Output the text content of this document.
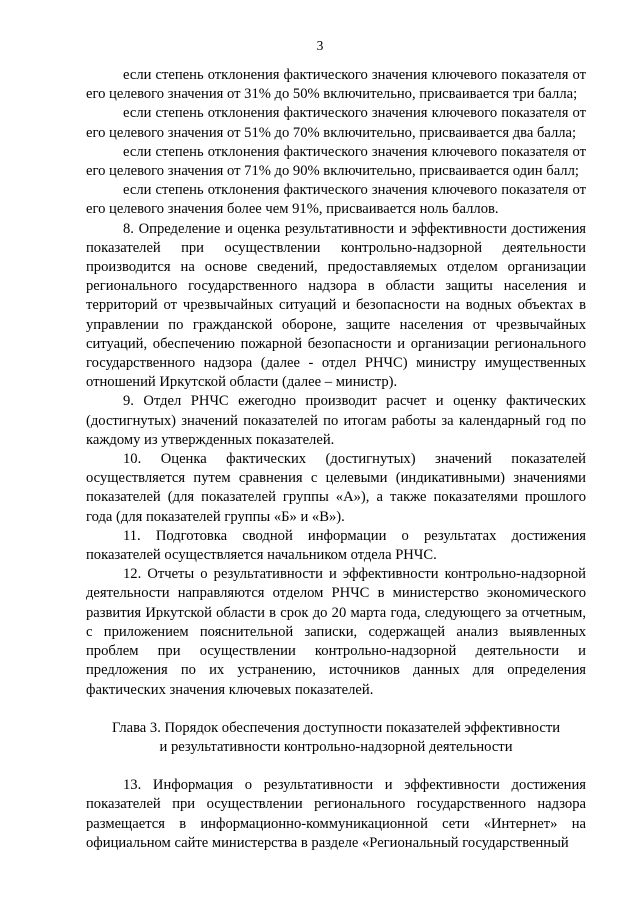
3

если степень отклонения фактического значения ключевого показателя от его целевого значения от 31% до 50% включительно, присваивается три балла;

если степень отклонения фактического значения ключевого показателя от его целевого значения от 51% до 70% включительно, присваивается два балла;

если степень отклонения фактического значения ключевого показателя от его целевого значения от 71% до 90% включительно, присваивается один балл;

если степень отклонения фактического значения ключевого показателя от его целевого значения более чем 91%, присваивается ноль баллов.

8. Определение и оценка результативности и эффективности достижения показателей при осуществлении контрольно-надзорной деятельности производится на основе сведений, предоставляемых отделом организации регионального государственного надзора в области защиты населения и территорий от чрезвычайных ситуаций и безопасности на водных объектах в управлении по гражданской обороне, защите населения от чрезвычайных ситуаций, обеспечению пожарной безопасности и организации регионального государственного надзора (далее - отдел РНЧС) министру имущественных отношений Иркутской области (далее – министр).

9. Отдел РНЧС ежегодно производит расчет и оценку фактических (достигнутых) значений показателей по итогам работы за календарный год по каждому из утвержденных показателей.

10. Оценка фактических (достигнутых) значений показателей осуществляется путем сравнения с целевыми (индикативными) значениями показателей (для показателей группы «А»), а также показателями прошлого года (для показателей группы «Б» и «В»).

11. Подготовка сводной информации о результатах достижения показателей осуществляется начальником отдела РНЧС.

12. Отчеты о результативности и эффективности контрольно-надзорной деятельности направляются отделом РНЧС в министерство экономического развития Иркутской области в срок до 20 марта года, следующего за отчетным, с приложением пояснительной записки, содержащей анализ выявленных проблем при осуществлении контрольно-надзорной деятельности и предложения по их устранению, источников данных для определения фактических значения ключевых показателей.

Глава 3. Порядок обеспечения доступности показателей эффективности
и результативности контрольно-надзорной деятельности

13. Информация о результативности и эффективности достижения показателей при осуществлении регионального государственного надзора размещается в информационно-коммуникационной сети «Интернет» на официальном сайте министерства в разделе «Региональный государственный
